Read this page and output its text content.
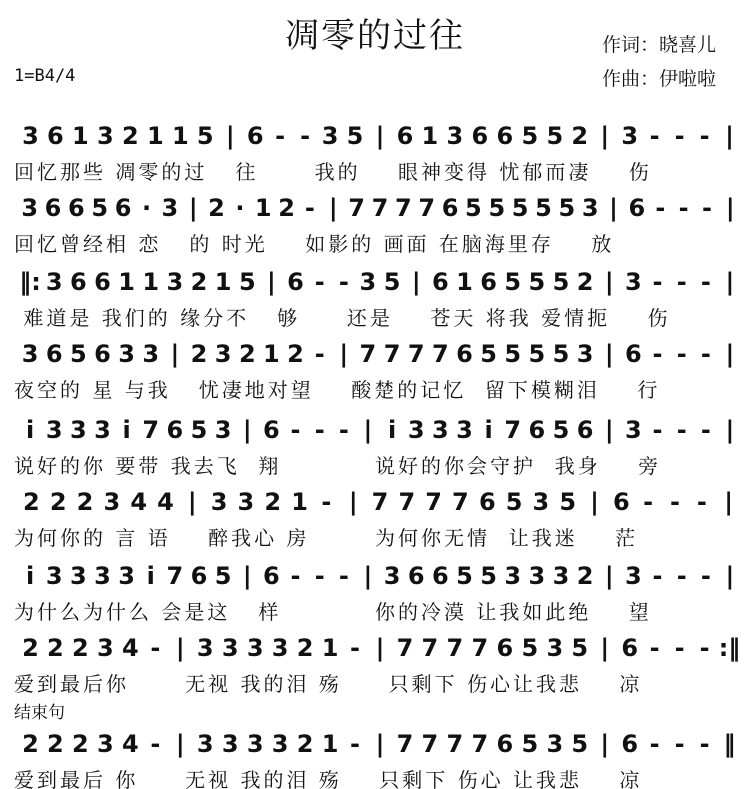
凋零的过往	作词：晓喜儿
作曲：伊啦啦
1=B4/4
3 6 1 3 2 1 1 5 | 6 - - 3 5 | 6 1 3 6 6 5 5 2 | 3 - - - |
回忆那些 凋零的过   往      我的    眼神变得 忧郁而凄    伤
3 6 6 5 6 · 3 | 2 · 1 2 - | 7 7 7 7 6 5 5 5 5 5 3 | 6 - - - |
回忆曾经相 恋   的 时光    如影的 画面 在脑海里存    放
‖: 3 6 6 1 1 3 2 1 5 | 6 - - 3 5 | 6 1 6 5 5 5 2 | 3 - - - |
难道是 我们的 缘分不   够     还是    苍天 将我 爱情扼    伤
3 6 5 6 3 3 | 2 3 2 1 2 - | 7 7 7 7 6 5 5 5 5 3 | 6 - - - |
夜空的 星 与我   忧凄地对望    酸楚的记忆  留下模糊泪    行
i 3 3 3 i 7 6 5 3 | 6 - - - | i 3 3 3 i 7 6 5 6 | 3 - - - |
说好的你 要带 我去飞  翔          说好的你会守护  我身    旁
2 2 2 3 4 4 | 3 3 2 1 - | 7 7 7 7 6 5 3 5 | 6 - - - |
为何你的 言 语    醉我心 房       为何你无情  让我迷    茫
i 3 3 3 3 i 7 6 5 | 6 - - - | 3 6 6 5 5 3 3 3 2 | 3 - - - |
为什么为什么 会是这   样          你的冷漠 让我如此绝    望
2 2 2 3 4 - | 3 3 3 3 2 1 - | 7 7 7 7 6 5 3 5 | 6 - - - :‖
爱到最后你      无视 我的泪 殇     只剩下 伤心让我悲    凉
结束句
2 2 2 3 4 - | 3 3 3 3 2 1 - | 7 7 7 7 6 5 3 5 | 6 - - - ‖
爱到最后 你     无视 我的泪 殇    只剩下 伤心 让我悲    凉
